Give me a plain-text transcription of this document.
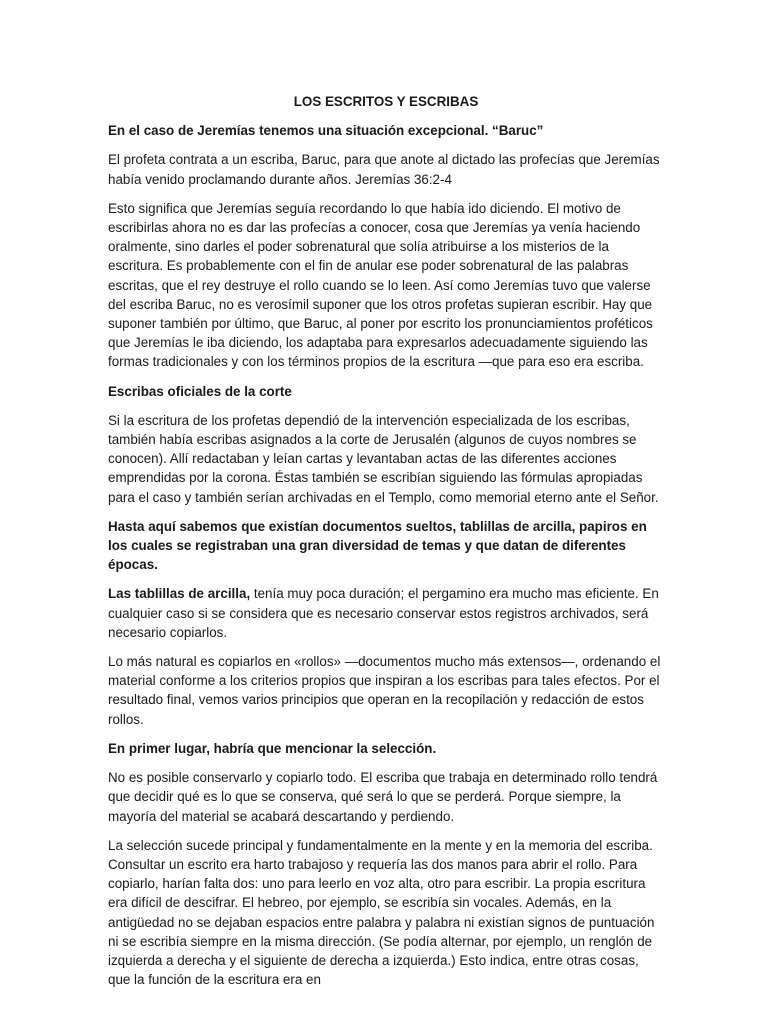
LOS ESCRITOS Y ESCRIBAS

En el caso de Jeremías tenemos una situación excepcional. “Baruc”

El profeta contrata a un escriba, Baruc, para que anote al dictado las profecías que Jeremías había venido proclamando durante años. Jeremías 36:2-4

Esto significa que Jeremías seguía recordando lo que había ido diciendo. El motivo de escribirlas ahora no es dar las profecías a conocer, cosa que Jeremías ya venía haciendo oralmente, sino darles el poder sobrenatural que solía atribuirse a los misterios de la escritura. Es probablemente con el fin de anular ese poder sobrenatural de las palabras escritas, que el rey destruye el rollo cuando se lo leen. Así como Jeremías tuvo que valerse del escriba Baruc, no es verosímil suponer que los otros profetas supieran escribir. Hay que suponer también por último, que Baruc, al poner por escrito los pronunciamientos proféticos que Jeremías le iba diciendo, los adaptaba para expresarlos adecuadamente siguiendo las formas tradicionales y con los términos propios de la escritura —que para eso era escriba.

Escribas oficiales de la corte

Si la escritura de los profetas dependió de la intervención especializada de los escribas, también había escribas asignados a la corte de Jerusalén (algunos de cuyos nombres se conocen). Allí redactaban y leían cartas y levantaban actas de las diferentes acciones emprendidas por la corona. Éstas también se escribían siguiendo las fórmulas apropiadas para el caso y también serían archivadas en el Templo, como memorial eterno ante el Señor.

Hasta aquí sabemos que existían documentos sueltos, tablillas de arcilla, papiros en los cuales se registraban una gran diversidad de temas y que datan de diferentes épocas.

Las tablillas de arcilla, tenía muy poca duración; el pergamino era mucho mas eficiente. En cualquier caso si se considera que es necesario conservar estos registros archivados, será necesario copiarlos.

Lo más natural es copiarlos en «rollos» —documentos mucho más extensos—, ordenando el material conforme a los criterios propios que inspiran a los escribas para tales efectos. Por el resultado final, vemos varios principios que operan en la recopilación y redacción de estos rollos.

En primer lugar, habría que mencionar la selección.

No es posible conservarlo y copiarlo todo. El escriba que trabaja en determinado rollo tendrá que decidir qué es lo que se conserva, qué será lo que se perderá. Porque siempre, la mayoría del material se acabará descartando y perdiendo.

La selección sucede principal y fundamentalmente en la mente y en la memoria del escriba. Consultar un escrito era harto trabajoso y requería las dos manos para abrir el rollo. Para copiarlo, harían falta dos: uno para leerlo en voz alta, otro para escribir. La propia escritura era difícil de descifrar. El hebreo, por ejemplo, se escribía sin vocales. Además, en la antigüedad no se dejaban espacios entre palabra y palabra ni existían signos de puntuación ni se escribía siempre en la misma dirección. (Se podía alternar, por ejemplo, un renglón de izquierda a derecha y el siguiente de derecha a izquierda.) Esto indica, entre otras cosas, que la función de la escritura era en
